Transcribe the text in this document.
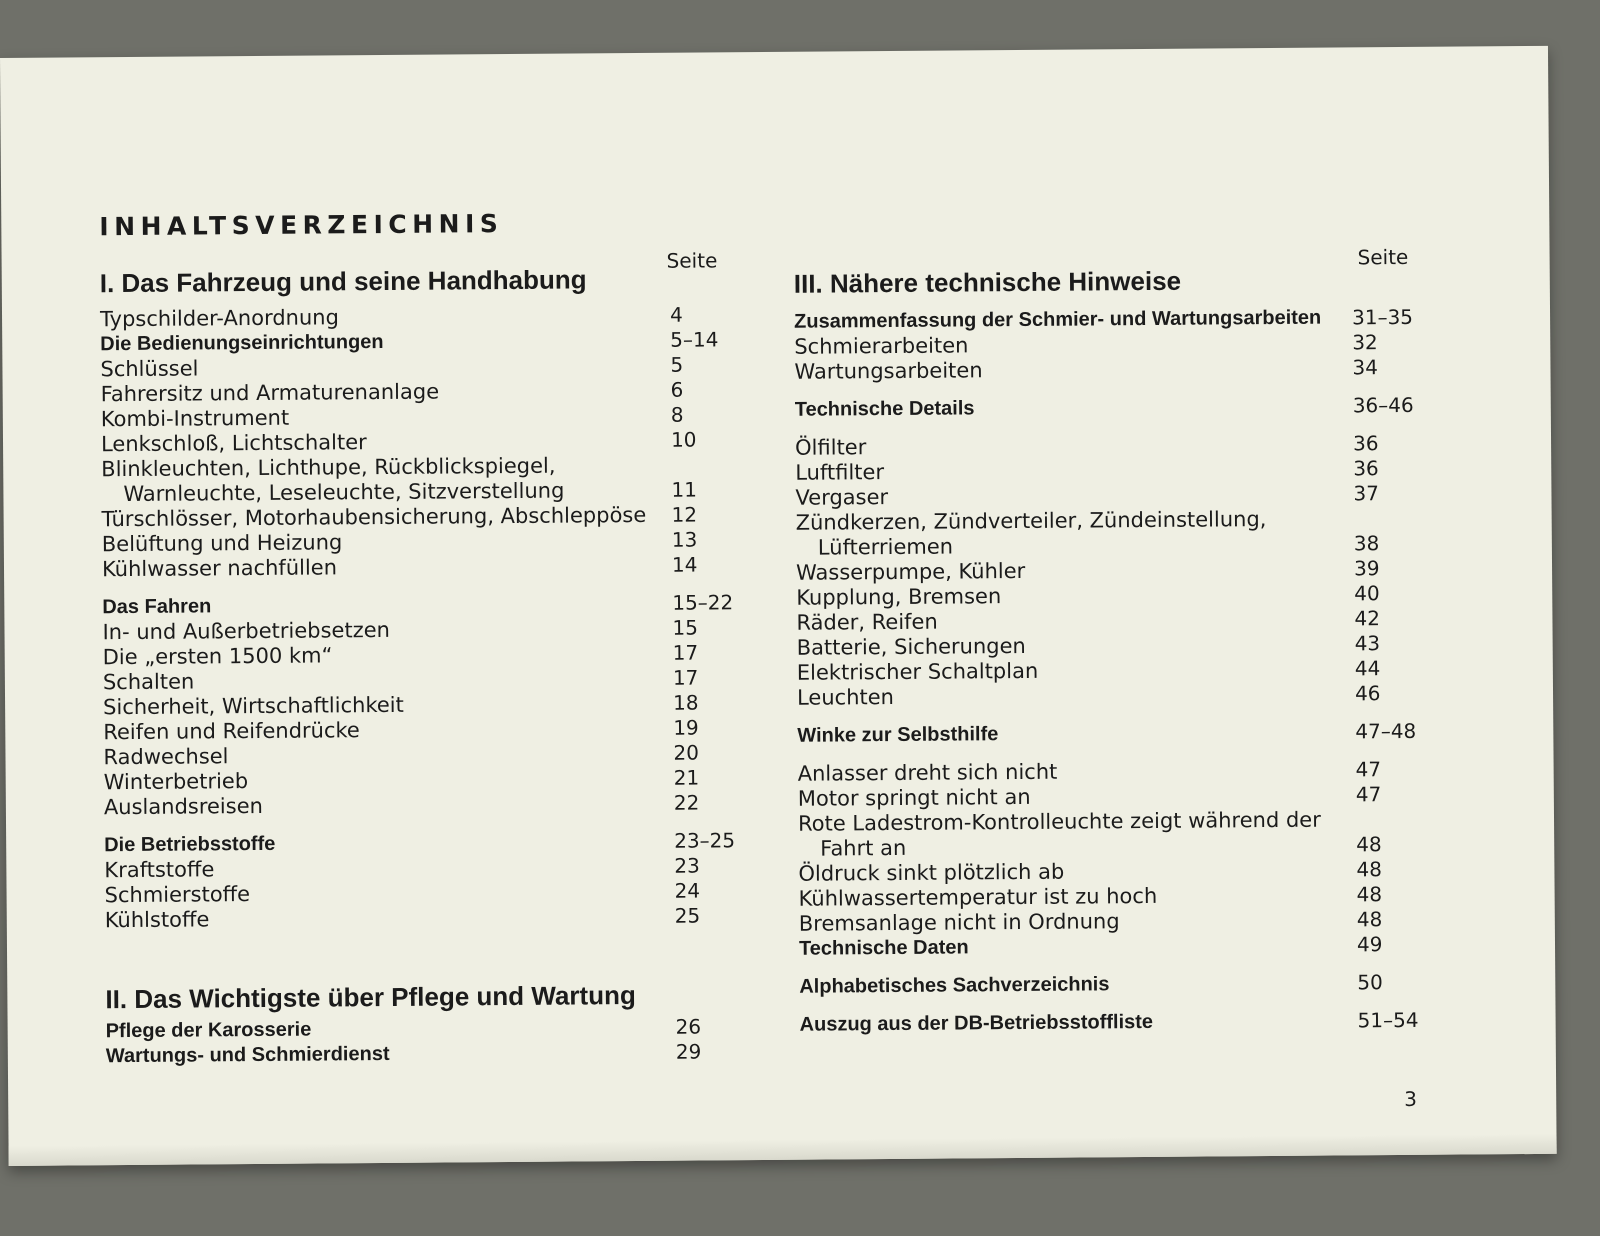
INHALTSVERZEICHNIS
I. Das Fahrzeug und seine Handhabung
Seite
Typschilder-Anordnung	4
Die Bedienungseinrichtungen	5–14
Schlüssel	5
Fahrersitz und Armaturenanlage	6
Kombi-Instrument	8
Lenkschloß, Lichtschalter	10
Blinkleuchten, Lichthupe, Rückblickspiegel,
Warnleuchte, Leseleuchte, Sitzverstellung	11
Türschlösser, Motorhaubensicherung, Abschleppöse 12
Belüftung und Heizung	13
Kühlwasser nachfüllen	14
Das Fahren	15–22
In- und Außerbetriebsetzen	15
Die „ersten 1500 km“	17
Schalten	17
Sicherheit, Wirtschaftlichkeit	18
Reifen und Reifendrücke	19
Radwechsel	20
Winterbetrieb	21
Auslandsreisen	22
Die Betriebsstoffe	23–25
Kraftstoffe	23
Schmierstoffe	24
Kühlstoffe	25
II. Das Wichtigste über Pflege und Wartung
Pflege der Karosserie	26
Wartungs- und Schmierdienst	29
III. Nähere technische Hinweise
Seite
Zusammenfassung der Schmier- und Wartungsarbeiten 31–35
Schmierarbeiten	32
Wartungsarbeiten	34
Technische Details	36–46
Ölfilter	36
Luftfilter	36
Vergaser	37
Zündkerzen, Zündverteiler, Zündeinstellung,
Lüfterriemen	38
Wasserpumpe, Kühler	39
Kupplung, Bremsen	40
Räder, Reifen	42
Batterie, Sicherungen	43
Elektrischer Schaltplan	44
Leuchten	46
Winke zur Selbsthilfe	47–48
Anlasser dreht sich nicht	47
Motor springt nicht an	47
Rote Ladestrom-Kontrolleuchte zeigt während der
Fahrt an	48
Öldruck sinkt plötzlich ab	48
Kühlwassertemperatur ist zu hoch	48
Bremsanlage nicht in Ordnung	48
Technische Daten	49
Alphabetisches Sachverzeichnis	50
Auszug aus der DB-Betriebsstoffliste	51–54
3
